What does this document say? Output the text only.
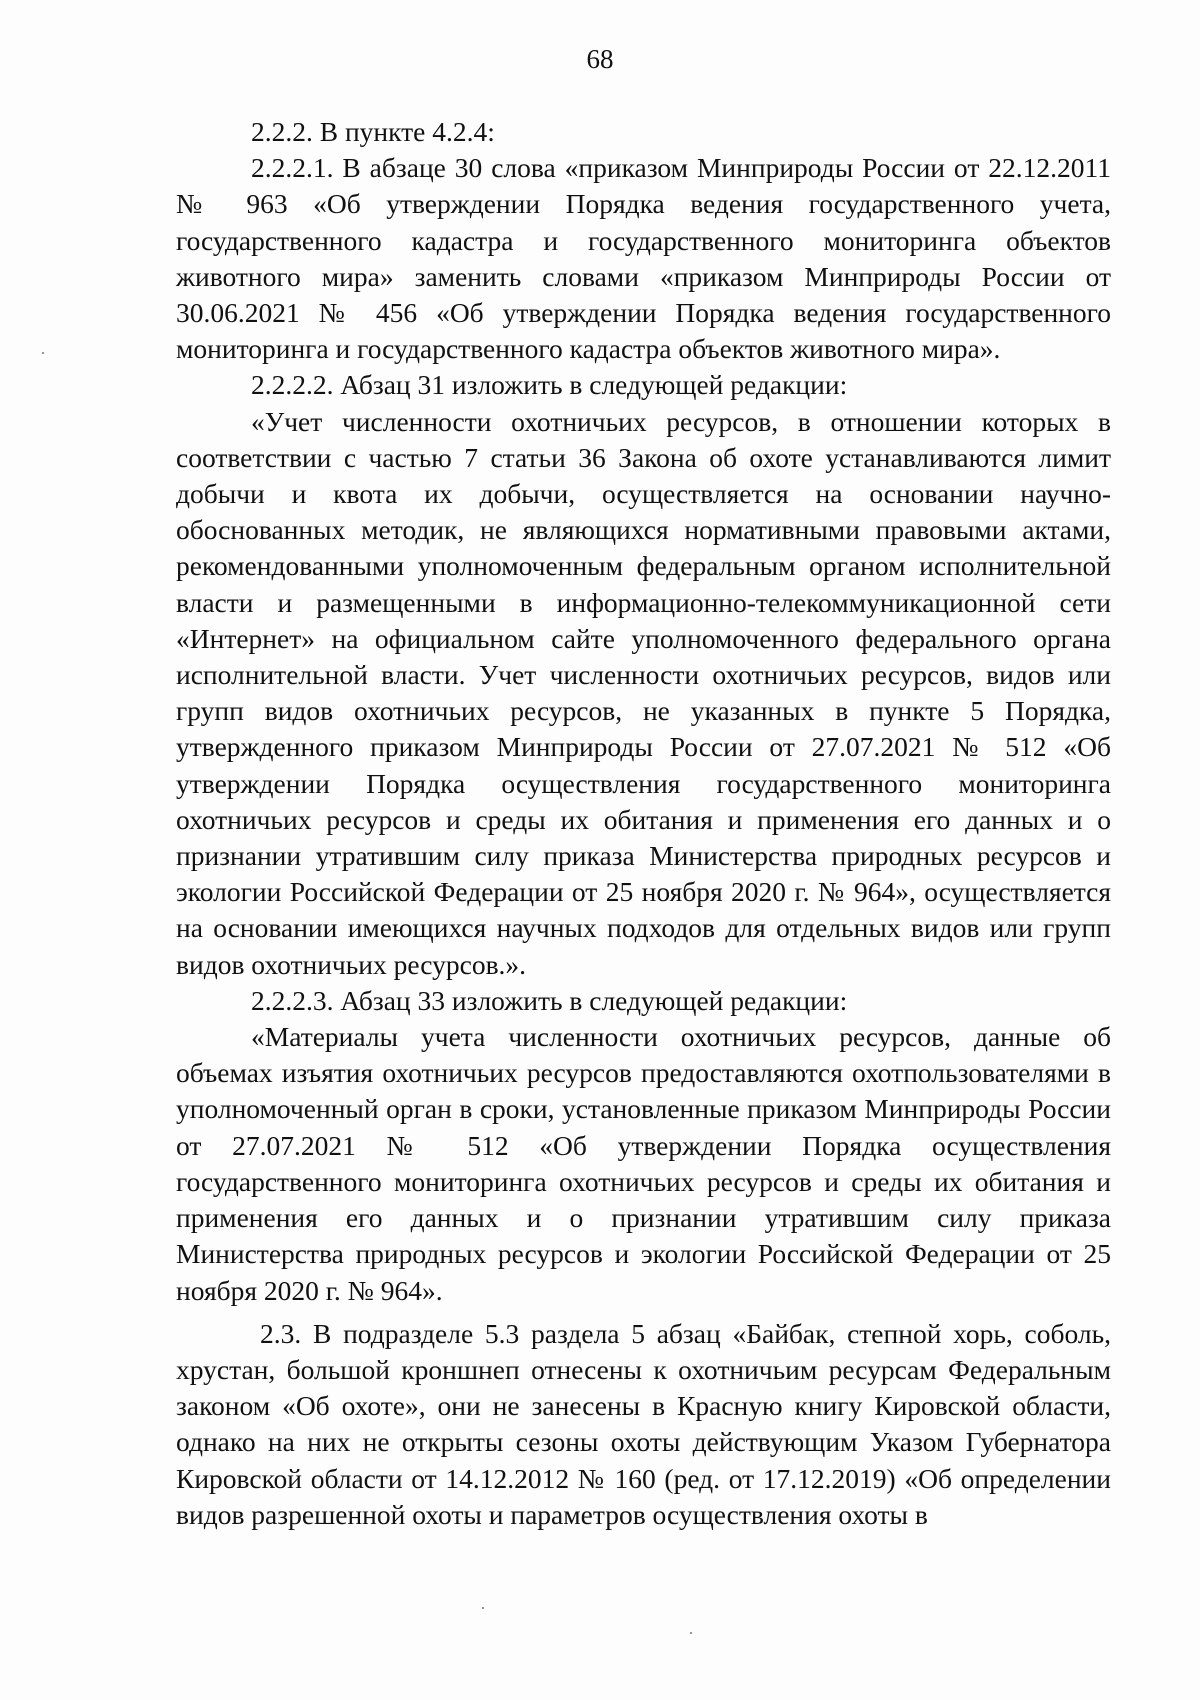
68

2.2.2. В пункте 4.2.4:

2.2.2.1. В абзаце 30 слова «приказом Минприроды России от 22.12.2011 № 963 «Об утверждении Порядка ведения государственного учета, государственного кадастра и государственного мониторинга объектов животного мира» заменить словами «приказом Минприроды России от 30.06.2021 № 456 «Об утверждении Порядка ведения государственного мониторинга и государственного кадастра объектов животного мира».

2.2.2.2. Абзац 31 изложить в следующей редакции:

«Учет численности охотничьих ресурсов, в отношении которых в соответствии с частью 7 статьи 36 Закона об охоте устанавливаются лимит добычи и квота их добычи, осуществляется на основании научно-обоснованных методик, не являющихся нормативными правовыми актами, рекомендованными уполномоченным федеральным органом исполнительной власти и размещенными в информационно-телекоммуникационной сети «Интернет» на официальном сайте уполномоченного федерального органа исполнительной власти. Учет численности охотничьих ресурсов, видов или групп видов охотничьих ресурсов, не указанных в пункте 5 Порядка, утвержденного приказом Минприроды России от 27.07.2021 № 512 «Об утверждении Порядка осуществления государственного мониторинга охотничьих ресурсов и среды их обитания и применения его данных и о признании утратившим силу приказа Министерства природных ресурсов и экологии Российской Федерации от 25 ноября 2020 г. № 964», осуществляется на основании имеющихся научных подходов для отдельных видов или групп видов охотничьих ресурсов.».

2.2.2.3. Абзац 33 изложить в следующей редакции:

«Материалы учета численности охотничьих ресурсов, данные об объемах изъятия охотничьих ресурсов предоставляются охотпользователями в уполномоченный орган в сроки, установленные приказом Минприроды России от 27.07.2021 № 512 «Об утверждении Порядка осуществления государственного мониторинга охотничьих ресурсов и среды их обитания и применения его данных и о признании утратившим силу приказа Министерства природных ресурсов и экологии Российской Федерации от 25 ноября 2020 г. № 964».

2.3. В подразделе 5.3 раздела 5 абзац «Байбак, степной хорь, соболь, хрустан, большой кроншнеп отнесены к охотничьим ресурсам Федеральным законом «Об охоте», они не занесены в Красную книгу Кировской области, однако на них не открыты сезоны охоты действующим Указом Губернатора Кировской области от 14.12.2012 № 160 (ред. от 17.12.2019) «Об определении видов разрешенной охоты и параметров осуществления охоты в
